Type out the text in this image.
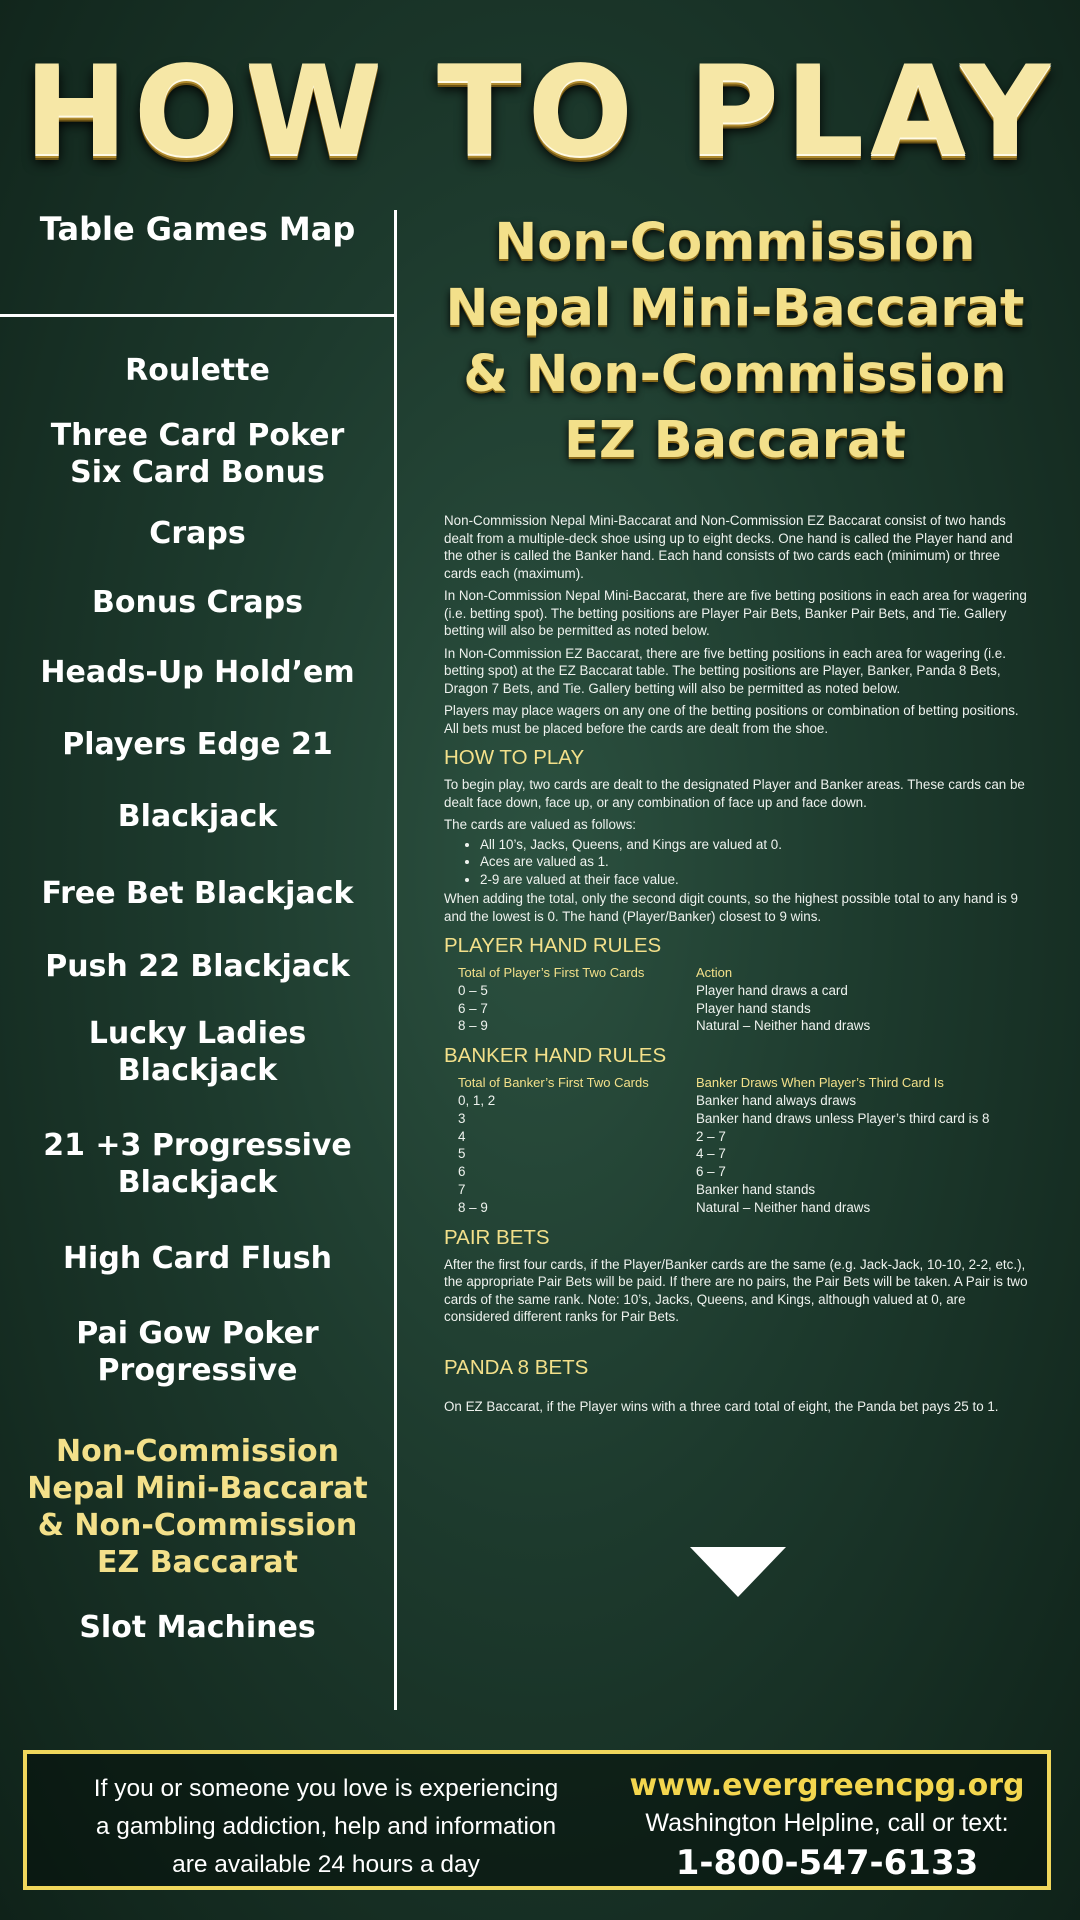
HOW TO PLAY
Table Games Map
Roulette
Three Card Poker
Six Card Bonus
Craps
Bonus Craps
Heads-Up Hold’em
Players Edge 21
Blackjack
Free Bet Blackjack
Push 22 Blackjack
Lucky Ladies
Blackjack
21 +3 Progressive
Blackjack
High Card Flush
Pai Gow Poker
Progressive
Non-Commission
Nepal Mini-Baccarat
& Non-Commission
EZ Baccarat
Slot Machines
Non-Commission
Nepal Mini-Baccarat
& Non-Commission
EZ Baccarat

Non-Commission Nepal Mini-Baccarat and Non-Commission EZ Baccarat consist of two hands dealt from a multiple-deck shoe using up to eight decks. One hand is called the Player hand and the other is called the Banker hand. Each hand consists of two cards each (minimum) or three cards each (maximum).

In Non-Commission Nepal Mini-Baccarat, there are five betting positions in each area for wagering (i.e. betting spot). The betting positions are Player Pair Bets, Banker Pair Bets, and Tie. Gallery betting will also be permitted as noted below.

In Non-Commission EZ Baccarat, there are five betting positions in each area for wagering (i.e. betting spot) at the EZ Baccarat table. The betting positions are Player, Banker, Panda 8 Bets, Dragon 7 Bets, and Tie. Gallery betting will also be permitted as noted below.

Players may place wagers on any one of the betting positions or combination of betting positions. All bets must be placed before the cards are dealt from the shoe.

HOW TO PLAY

To begin play, two cards are dealt to the designated Player and Banker areas. These cards can be dealt face down, face up, or any combination of face up and face down.

The cards are valued as follows:

• All 10’s, Jacks, Queens, and Kings are valued at 0.
• Aces are valued as 1.
• 2-9 are valued at their face value.

When adding the total, only the second digit counts, so the highest possible total to any hand is 9 and the lowest is 0. The hand (Player/Banker) closest to 9 wins.

PLAYER HAND RULES
Total of Player’s First Two Cards	Action
0 – 5	Player hand draws a card
6 – 7	Player hand stands
8 – 9	Natural – Neither hand draws
BANKER HAND RULES
Total of Banker’s First Two Cards	Banker Draws When Player’s Third Card Is
0, 1, 2	Banker hand always draws
3	Banker hand draws unless Player’s third card is 8
4	2 – 7
5	4 – 7
6	6 – 7
7	Banker hand stands
8 – 9	Natural – Neither hand draws
PAIR BETS

After the first four cards, if the Player/Banker cards are the same (e.g. Jack-Jack, 10-10, 2-2, etc.), the appropriate Pair Bets will be paid. If there are no pairs, the Pair Bets will be taken. A Pair is two cards of the same rank. Note: 10’s, Jacks, Queens, and Kings, although valued at 0, are considered different ranks for Pair Bets.

PANDA 8 BETS

On EZ Baccarat, if the Player wins with a three card total of eight, the Panda bet pays 25 to 1.

If you or someone you love is experiencing
a gambling addiction, help and information
are available 24 hours a day
www.evergreencpg.org
Washington Helpline, call or text:
1-800-547-6133
